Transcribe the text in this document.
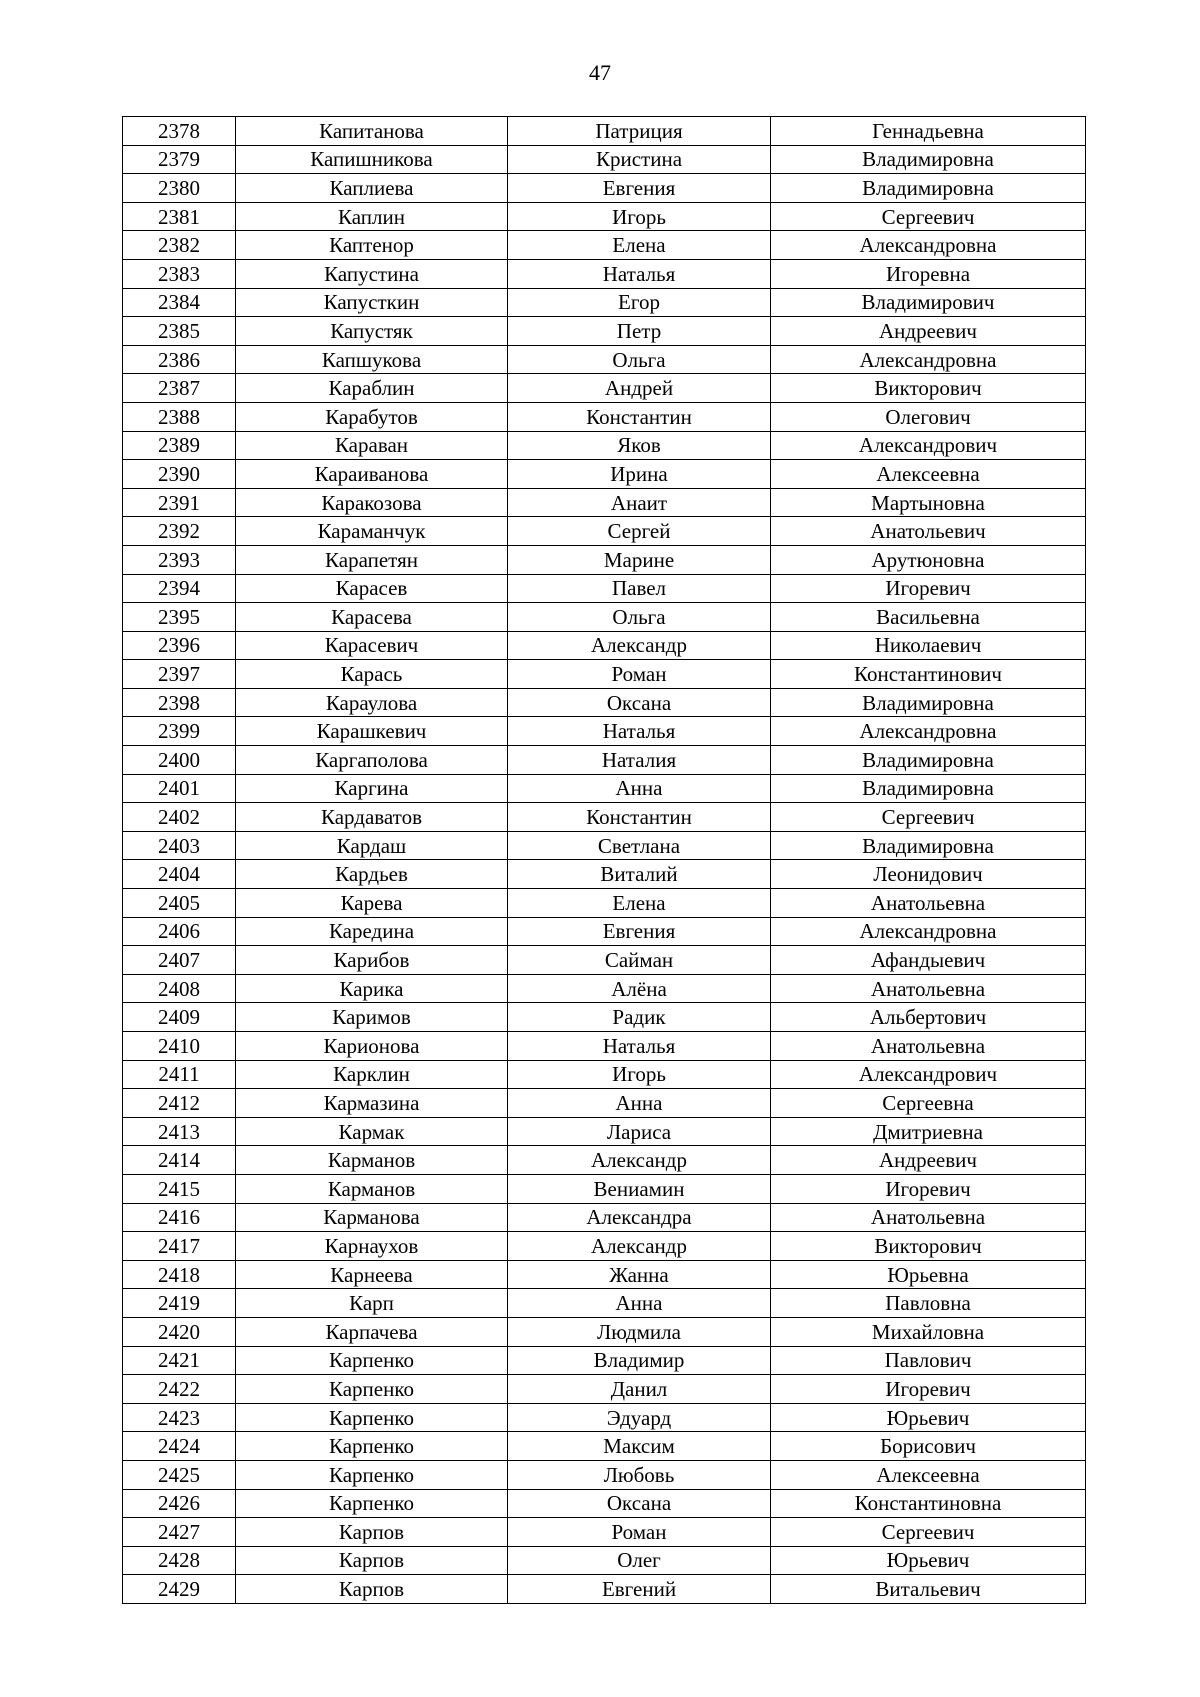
47
2378	Капитанова	Патриция	Геннадьевна
2379	Капишникова	Кристина	Владимировна
2380	Каплиева	Евгения	Владимировна
2381	Каплин	Игорь	Сергеевич
2382	Каптенор	Елена	Александровна
2383	Капустина	Наталья	Игоревна
2384	Капусткин	Егор	Владимирович
2385	Капустяк	Петр	Андреевич
2386	Капшукова	Ольга	Александровна
2387	Караблин	Андрей	Викторович
2388	Карабутов	Константин	Олегович
2389	Караван	Яков	Александрович
2390	Караиванова	Ирина	Алексеевна
2391	Каракозова	Анаит	Мартыновна
2392	Караманчук	Сергей	Анатольевич
2393	Карапетян	Марине	Арутюновна
2394	Карасев	Павел	Игоревич
2395	Карасева	Ольга	Васильевна
2396	Карасевич	Александр	Николаевич
2397	Карась	Роман	Константинович
2398	Караулова	Оксана	Владимировна
2399	Карашкевич	Наталья	Александровна
2400	Каргаполова	Наталия	Владимировна
2401	Каргина	Анна	Владимировна
2402	Кардаватов	Константин	Сергеевич
2403	Кардаш	Светлана	Владимировна
2404	Кардьев	Виталий	Леонидович
2405	Карева	Елена	Анатольевна
2406	Каредина	Евгения	Александровна
2407	Карибов	Сайман	Афандыевич
2408	Карика	Алёна	Анатольевна
2409	Каримов	Радик	Альбертович
2410	Карионова	Наталья	Анатольевна
2411	Карклин	Игорь	Александрович
2412	Кармазина	Анна	Сергеевна
2413	Кармак	Лариса	Дмитриевна
2414	Карманов	Александр	Андреевич
2415	Карманов	Вениамин	Игоревич
2416	Карманова	Александра	Анатольевна
2417	Карнаухов	Александр	Викторович
2418	Карнеева	Жанна	Юрьевна
2419	Карп	Анна	Павловна
2420	Карпачева	Людмила	Михайловна
2421	Карпенко	Владимир	Павлович
2422	Карпенко	Данил	Игоревич
2423	Карпенко	Эдуард	Юрьевич
2424	Карпенко	Максим	Борисович
2425	Карпенко	Любовь	Алексеевна
2426	Карпенко	Оксана	Константиновна
2427	Карпов	Роман	Сергеевич
2428	Карпов	Олег	Юрьевич
2429	Карпов	Евгений	Витальевич
